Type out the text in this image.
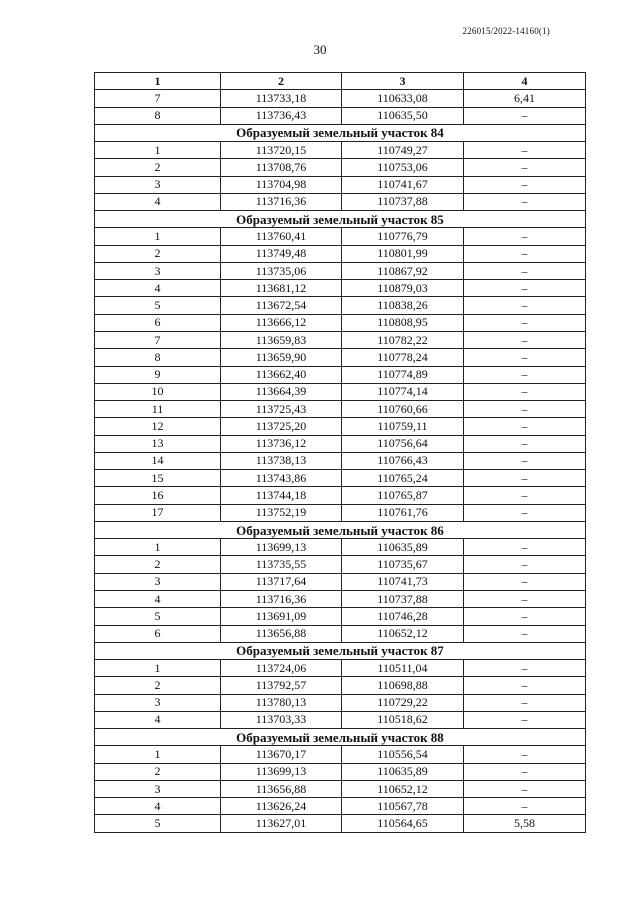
226015/2022-14160(1)
30
1	2	3	4
7	113733,18	110633,08	6,41
8	113736,43	110635,50	–
Образуемый земельный участок 84			
1	113720,15	110749,27	–
2	113708,76	110753,06	–
3	113704,98	110741,67	–
4	113716,36	110737,88	–
Образуемый земельный участок 85			
1	113760,41	110776,79	–
2	113749,48	110801,99	–
3	113735,06	110867,92	–
4	113681,12	110879,03	–
5	113672,54	110838,26	–
6	113666,12	110808,95	–
7	113659,83	110782,22	–
8	113659,90	110778,24	–
9	113662,40	110774,89	–
10	113664,39	110774,14	–
11	113725,43	110760,66	–
12	113725,20	110759,11	–
13	113736,12	110756,64	–
14	113738,13	110766,43	–
15	113743,86	110765,24	–
16	113744,18	110765,87	–
17	113752,19	110761,76	–
Образуемый земельный участок 86			
1	113699,13	110635,89	–
2	113735,55	110735,67	–
3	113717,64	110741,73	–
4	113716,36	110737,88	–
5	113691,09	110746,28	–
6	113656,88	110652,12	–
Образуемый земельный участок 87			
1	113724,06	110511,04	–
2	113792,57	110698,88	–
3	113780,13	110729,22	–
4	113703,33	110518,62	–
Образуемый земельный участок 88			
1	113670,17	110556,54	–
2	113699,13	110635,89	–
3	113656,88	110652,12	–
4	113626,24	110567,78	–
5	113627,01	110564,65	5,58
